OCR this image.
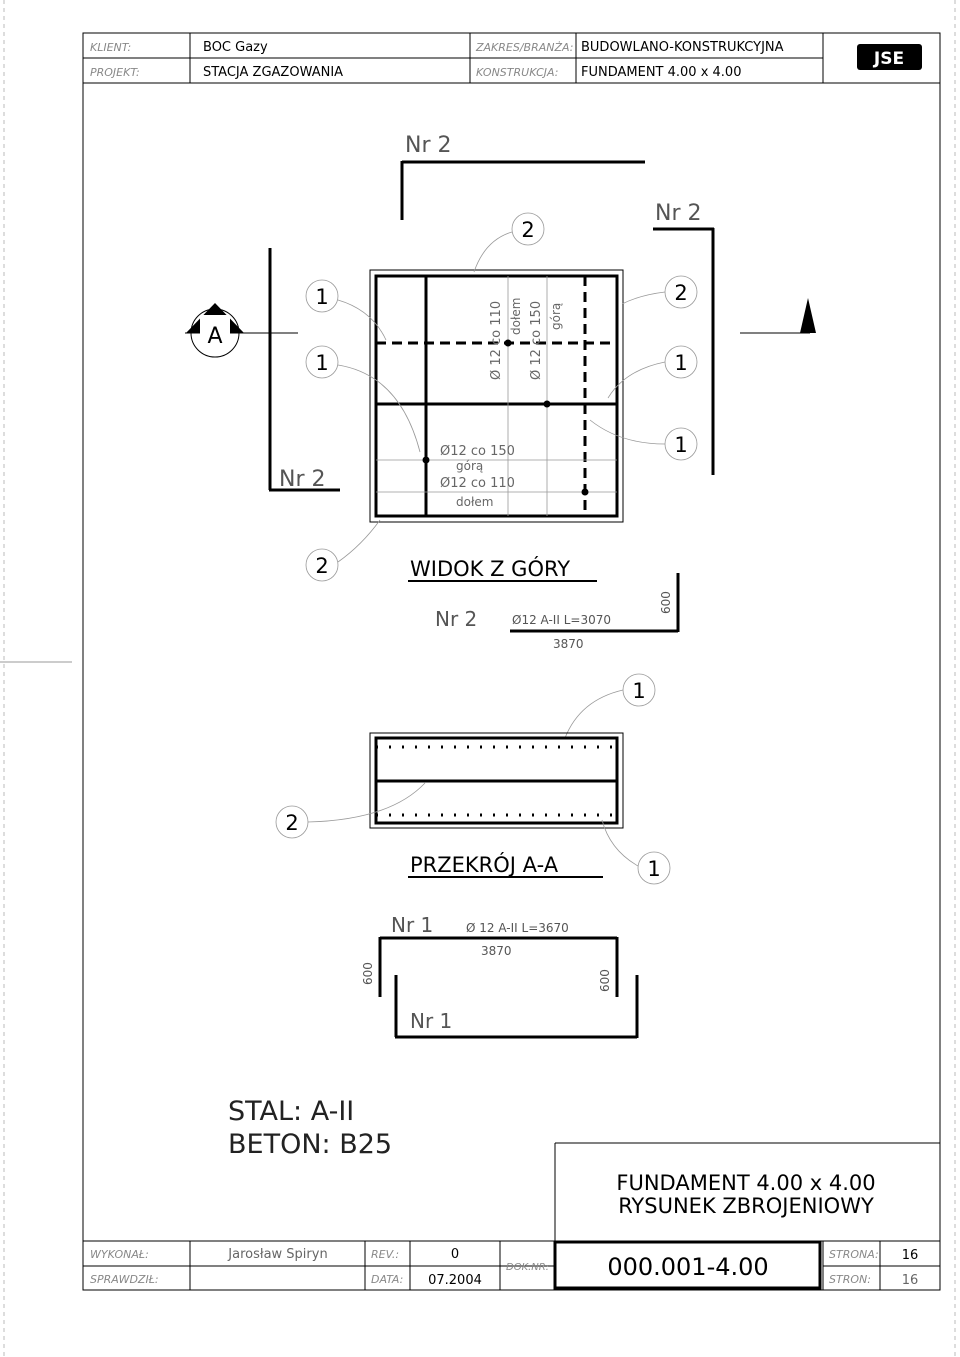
KLIENT:	BOC Gazy
PROJEKT:	STACJA ZGAZOWANIA
ZAKRES/BRANŻA: BUDOWLANO-KONSTRUKCYJNA
KONSTRUKCJA: FUNDAMENT 4.00 x 4.00
JSE
Nr 2
Nr 2
Nr 2
A	Ø 12 co 110 dołem Ø 12 co 150 górą
Ø12 co 150
górą
Ø12 co 110
dołem
2
1
1
2
1
1
2	WIDOK Z GÓRY
Nr 2	Ø12 A-II L=3070
3870
600
1
2
1
PRZEKRÓJ A-A
Nr 1	Ø 12 A-II L=3670
3870
600	600
Nr 1
STAL: A-II
BETON: B25
FUNDAMENT 4.00 x 4.00
RYSUNEK ZBROJENIOWY
WYKONAŁ:	Jarosław Spiryn
SPRAWDZIŁ:
REV.:	0
DATA: 07.2004
DOK.NR: 000.001-4.00	STRONA: 16
STRON: 16
